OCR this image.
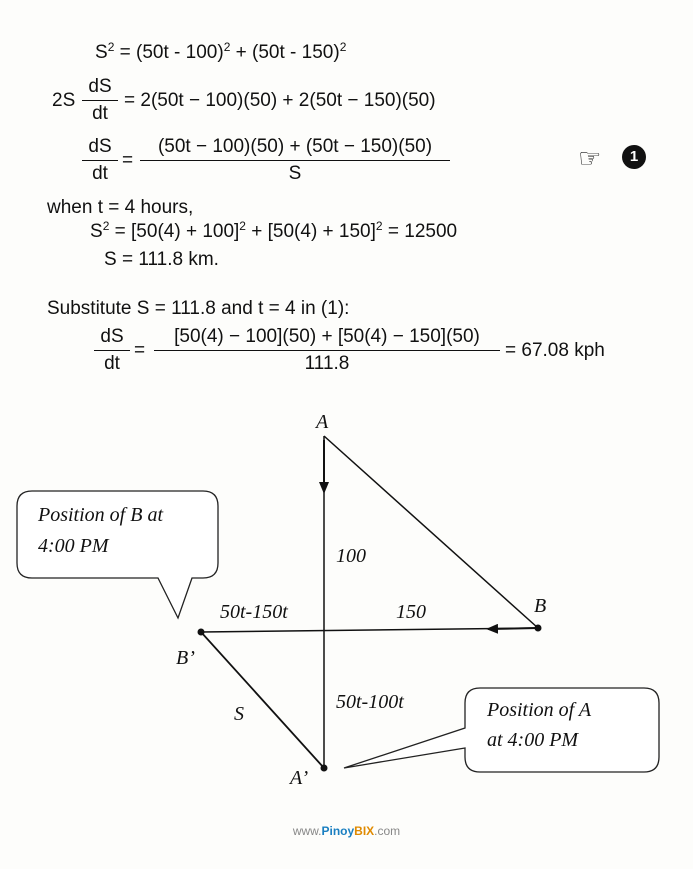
$S^2 = (50t - 100)^2 + (50t - 150)^2$
2S
dS
dt
= 2(50t − 100)(50) + 2(50t − 150)(50)
dS
dt
=
(50t − 100)(50) + (50t − 150)(50)
S	☞	1
when t = 4 hours,
$S^2 = [50(4) + 100]^2 + [50(4) + 150]^2 = 12500$
S = 111.8 km.
Substitute S = 111.8 and t = 4 in (1):
dS
dt
=
[50(4) − 100](50) + [50(4) − 150](50)
111.8
= 67.08 kph
Position of B at
4:00 PM
Position of A
at 4:00 PM
A
B
B’
A’
100
150
50t-150t
50t-100t
S
www.PinoyBIX.com
